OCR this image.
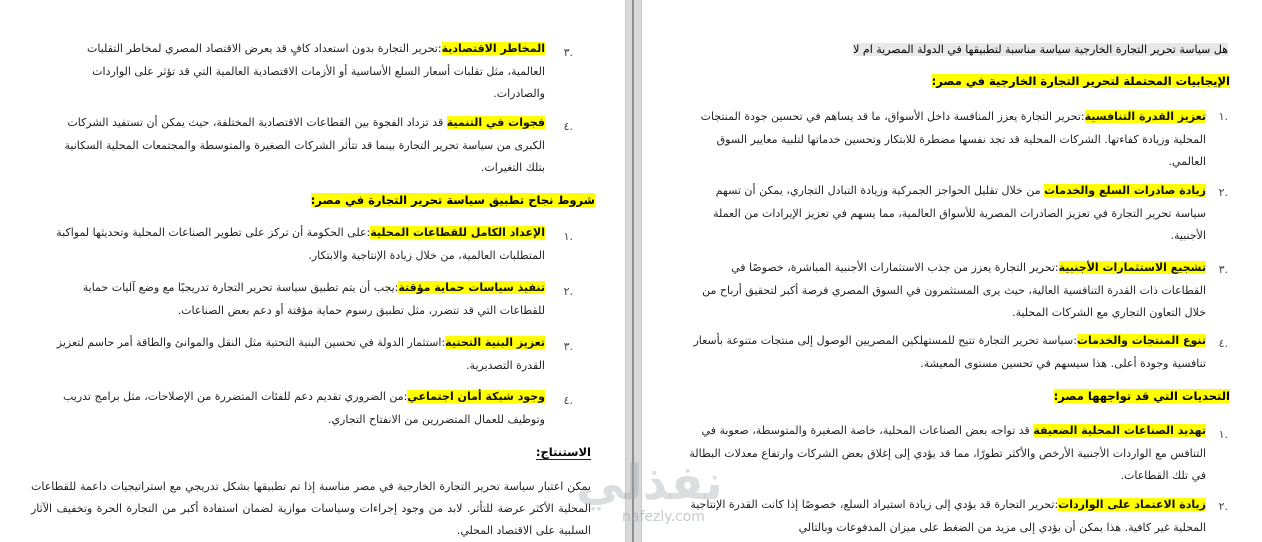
هل سياسة تحرير التجارة الخارجية سياسة مناسبة لتطبيقها في الدولة المصرية ام لا
الإيجابيات المحتملة لتحرير التجارة الخارجية في مصر:
.١
تعزيز القدرة التنافسية:تحرير التجارة يعزز المنافسة داخل الأسواق، ما قد يساهم في تحسين جودة المنتجات المحلية وزيادة كفاءتها. الشركات المحلية قد تجد نفسها مضطرة للابتكار وتحسين خدماتها لتلبية معايير السوق العالمي.
.٢
زيادة صادرات السلع والخدمات من خلال تقليل الحواجز الجمركية وزيادة التبادل التجاري، يمكن أن تسهم سياسة تحرير التجارة في تعزيز الصادرات المصرية للأسواق العالمية، مما يسهم في تعزيز الإيرادات من العملة الأجنبية.
.٣
تشجيع الاستثمارات الأجنبية:تحرير التجارة يعزز من جذب الاستثمارات الأجنبية المباشرة، خصوصًا في القطاعات ذات القدرة التنافسية العالية، حيث يرى المستثمرون في السوق المصري فرصة أكبر لتحقيق أرباح من خلال التعاون التجاري مع الشركات المحلية.
.٤
تنوع المنتجات والخدمات:سياسة تحرير التجارة تتيح للمستهلكين المصريين الوصول إلى منتجات متنوعة بأسعار تنافسية وجودة أعلى. هذا سيسهم في تحسين مستوى المعيشة.
التحديات التي قد تواجهها مصر:
.١
تهديد الصناعات المحلية الضعيفة قد تواجه بعض الصناعات المحلية، خاصة الصغيرة والمتوسطة، صعوبة في التنافس مع الواردات الأجنبية الأرخص والأكثر تطورًا، مما قد يؤدي إلى إغلاق بعض الشركات وارتفاع معدلات البطالة في تلك القطاعات.
.٢
زيادة الاعتماد على الواردات:تحرير التجارة قد يؤدي إلى زيادة استيراد السلع، خصوصًا إذا كانت القدرة الإنتاجية المحلية غير كافية. هذا يمكن أن يؤدي إلى مزيد من الضغط على ميزان المدفوعات وبالتالي
.٣
المخاطر الاقتصادية:تحرير التجارة بدون استعداد كافٍ قد يعرض الاقتصاد المصري لمخاطر التقلبات العالمية، مثل تقلبات أسعار السلع الأساسية أو الأزمات الاقتصادية العالمية التي قد تؤثر على الواردات والصادرات.
.٤
فجوات في التنمية قد تزداد الفجوة بين القطاعات الاقتصادية المختلفة، حيث يمكن أن تستفيد الشركات الكبرى من سياسة تحرير التجارة بينما قد تتأثر الشركات الصغيرة والمتوسطة والمجتمعات المحلية السكانية بتلك التغيرات.
شروط نجاح تطبيق سياسة تحرير التجارة في مصر:
.١
الإعداد الكامل للقطاعات المحلية:على الحكومة أن تركز على تطوير الصناعات المحلية وتحديثها لمواكبة المتطلبات العالمية، من خلال زيادة الإنتاجية والابتكار.
.٢
تنفيذ سياسات حماية مؤقتة:يجب أن يتم تطبيق سياسة تحرير التجارة تدريجيًا مع وضع آليات حماية للقطاعات التي قد تتضرر، مثل تطبيق رسوم حماية مؤقتة أو دعم بعض الصناعات.
.٣
تعزيز البنية التحتية:استثمار الدولة في تحسين البنية التحتية مثل النقل والموانئ والطاقة أمر حاسم لتعزيز القدرة التصديرية.
.٤
وجود شبكة أمان اجتماعي:من الضروري تقديم دعم للفئات المتضررة من الإصلاحات، مثل برامج تدريب وتوظيف للعمال المتضررين من الانفتاح التجاري.
الاستنتاج:
يمكن اعتبار سياسة تحرير التجارة الخارجية في مصر مناسبة إذا تم تطبيقها بشكل تدريجي مع استراتيجيات داعمة للقطاعات المحلية الأكثر عرضة للتأثر. لابد من وجود إجراءات وسياسات موازية لضمان استفادة أكبر من التجارة الحرة وتخفيف الآثار السلبية على الاقتصاد المحلي.
نفذلي
nafezly.com
